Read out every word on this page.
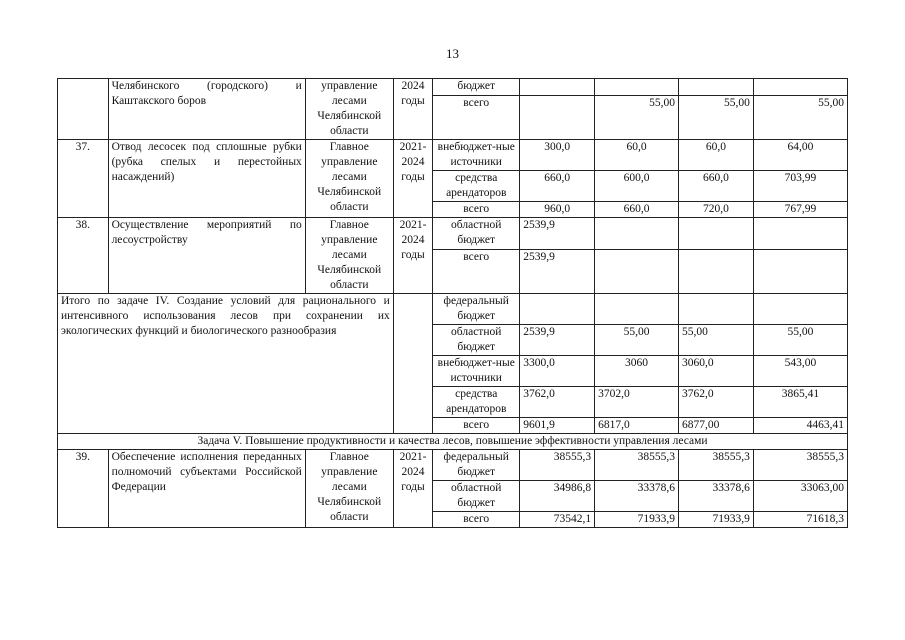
13
	Челябинского (городского) и Каштакского боров	управление лесами Челябинской области	2024 годы	бюджет				
				всего		55,00	55,00	55,00
37.	Отвод лесосек под сплошные рубки (рубка спелых и перестойных насаждений)	Главное управление лесами Челябинской области	2021-2024 годы	внебюджет-ные источники	300,0	60,0	60,0	64,00
				средства арендаторов	660,0	600,0	660,0	703,99
				всего	960,0	660,0	720,0	767,99
38.	Осуществление мероприятий по лесоустройству	Главное управление лесами Челябинской области	2021-2024 годы	областной бюджет	2539,9			
				всего	2539,9			
Итого по задаче IV. Создание условий для рационального и интенсивного использования лесов при сохранении их экологических функций и биологического разнообразия				федеральный бюджет				
				областной бюджет	2539,9	55,00	55,00	55,00
				внебюджет-ные источники	3300,0	3060	3060,0	543,00
				средства арендаторов	3762,0	3702,0	3762,0	3865,41
				всего	9601,9	6817,0	6877,00	4463,41
Задача V. Повышение продуктивности и качества лесов, повышение эффективности управления лесами								
39.	Обеспечение исполнения переданных полномочий субъектами Российской Федерации	Главное управление лесами Челябинской области	2021-2024 годы	федеральный бюджет	38555,3	38555,3	38555,3	38555,3
				областной бюджет	34986,8	33378,6	33378,6	33063,00
				всего	73542,1	71933,9	71933,9	71618,3
